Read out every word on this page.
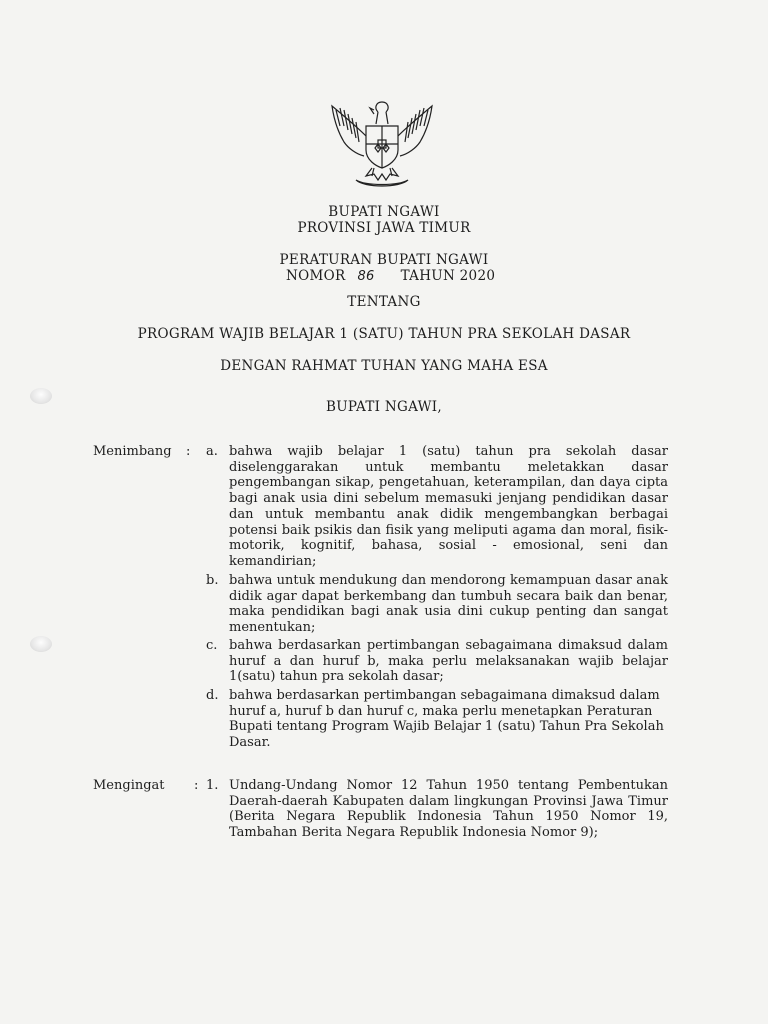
BUPATI NGAWI
PROVINSI JAWA TIMUR
PERATURAN BUPATI NGAWI
NOMOR 86 TAHUN 2020
TENTANG
PROGRAM WAJIB BELAJAR 1 (SATU) TAHUN PRA SEKOLAH DASAR
DENGAN RAHMAT TUHAN YANG MAHA ESA
BUPATI NGAWI,
Menimbang : a. bahwa wajib belajar 1 (satu) tahun pra sekolah dasar diselenggarakan untuk membantu meletakkan dasar pengembangan sikap, pengetahuan, keterampilan, dan daya cipta bagi anak usia dini sebelum memasuki jenjang pendidikan dasar dan untuk membantu anak didik mengembangkan berbagai potensi baik psikis dan fisik yang meliputi agama dan moral, fisik-motorik, kognitif, bahasa, sosial - emosional, seni dan kemandirian;
b. bahwa untuk mendukung dan mendorong kemampuan dasar anak didik agar dapat berkembang dan tumbuh secara baik dan benar, maka pendidikan bagi anak usia dini cukup penting dan sangat menentukan;
c. bahwa berdasarkan pertimbangan sebagaimana dimaksud dalam huruf a dan huruf b, maka perlu melaksanakan wajib belajar 1(satu) tahun pra sekolah dasar;
d. bahwa berdasarkan pertimbangan sebagaimana dimaksud dalam huruf a, huruf b dan huruf c, maka perlu menetapkan Peraturan Bupati tentang Program Wajib Belajar 1 (satu) Tahun Pra Sekolah Dasar.
Mengingat : 1. Undang-Undang Nomor 12 Tahun 1950 tentang Pembentukan Daerah-daerah Kabupaten dalam lingkungan Provinsi Jawa Timur (Berita Negara Republik Indonesia Tahun 1950 Nomor 19, Tambahan Berita Negara Republik Indonesia Nomor 9);
